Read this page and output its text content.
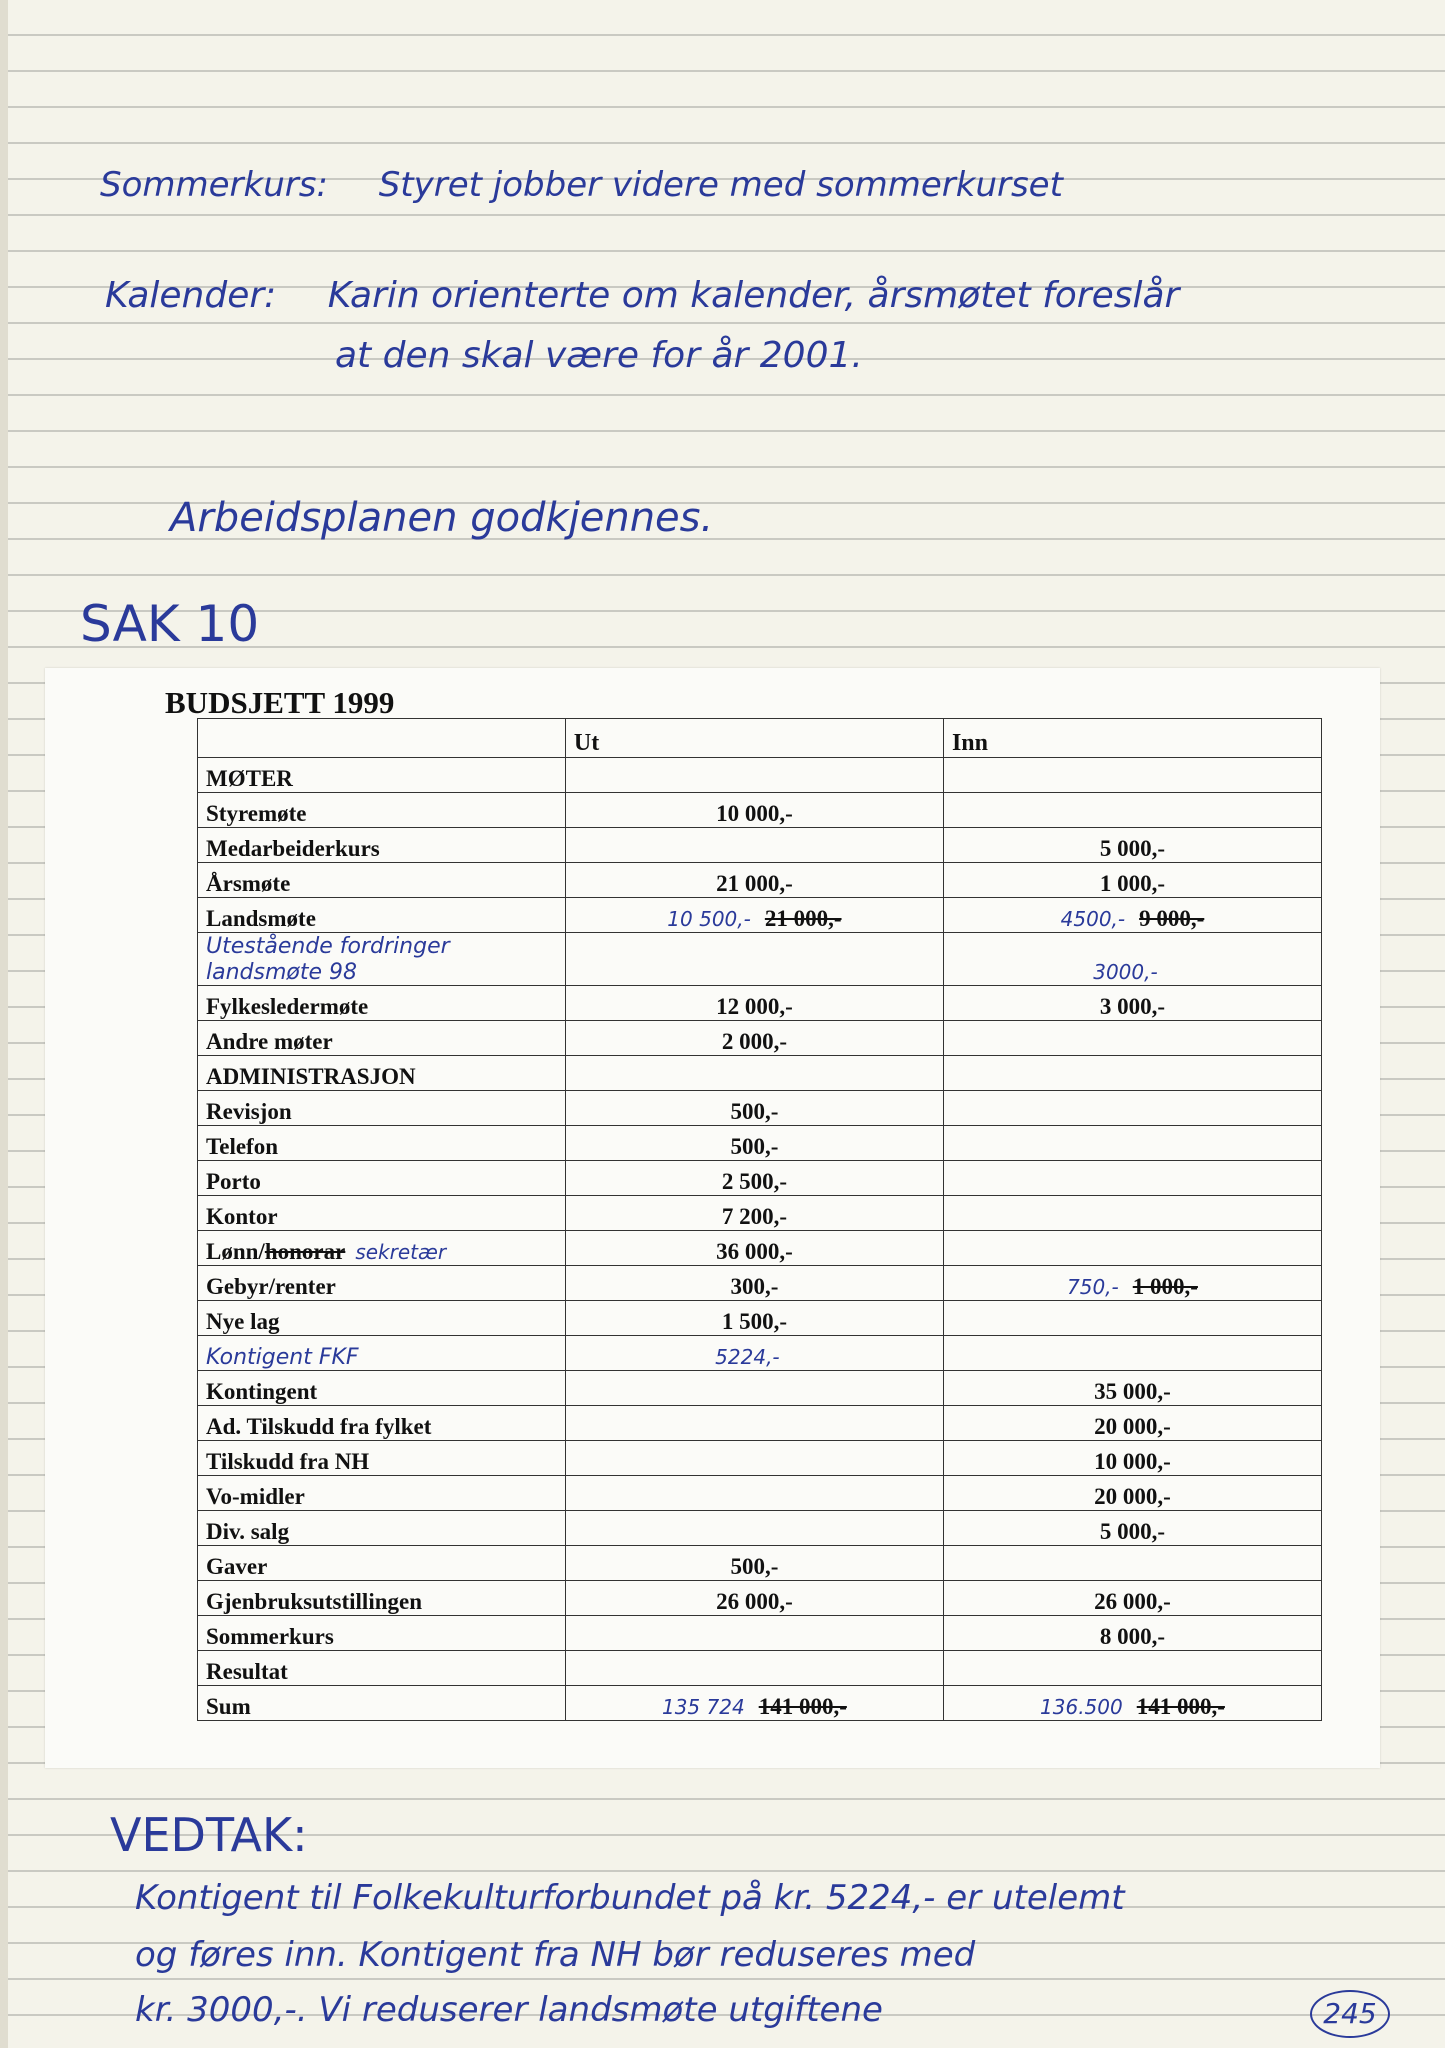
Sommerkurs: Styret jobber videre med sommerkurset
Kalender: Karin orienterte om kalender, årsmøtet foreslår
at den skal være for år 2001.
Arbeidsplanen godkjennes.
SAK 10
BUDSJETT 1999
	Ut	Inn
MØTER		
Styremøte	10 000,-	
Medarbeiderkurs		5 000,-
Årsmøte	21 000,-	1 000,-
Landsmøte	10 500,- 21 000,-	4500,- 9 000,-
Utestående fordringer landsmøte 98		3000,-
Fylkesledermøte	12 000,-	3 000,-
Andre møter	2 000,-	
ADMINISTRASJON		
Revisjon	500,-	
Telefon	500,-	
Porto	2 500,-	
Kontor	7 200,-	
Lønn/honorar sekretær	36 000,-	
Gebyr/renter	300,-	750,- 1 000,-
Nye lag	1 500,-	
Kontigent FKF	5224,-	
Kontingent		35 000,-
Ad. Tilskudd fra fylket		20 000,-
Tilskudd fra NH		10 000,-
Vo-midler		20 000,-
Div. salg		5 000,-
Gaver	500,-	
Gjenbruksutstillingen	26 000,-	26 000,-
Sommerkurs		8 000,-
Resultat		
Sum	135 724 141 000,-	136.500 141 000,-
VEDTAK:
Kontigent til Folkekulturforbundet på kr. 5224,- er utelemt
og føres inn. Kontigent fra NH bør reduseres med
kr. 3000,-. Vi reduserer landsmøte utgiftene	245
